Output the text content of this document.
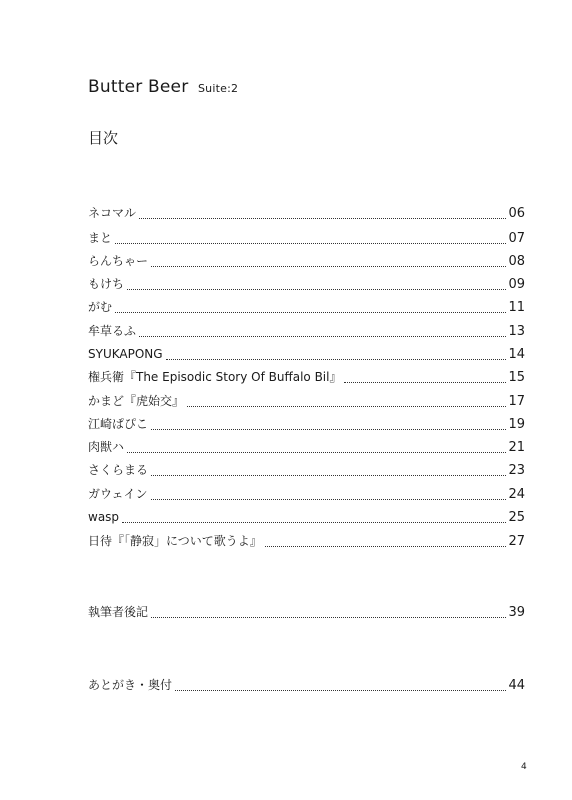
Butter Beer Suite:2
目次
ネコマル	06
まと	07
らんちゃー	08
もけち	09
がむ	11
牟草るふ	13
SYUKAPONG	14
権兵衛『The Episodic Story Of Buffalo Bil』	15
かまど『虎始交』	17
江崎ぱぴこ	19
肉獣ハ	21
さくらまる	23
ガウェイン	24
wasp	25
日待『「静寂」について歌うよ』	27
執筆者後記	39
あとがき・奥付	44
4
